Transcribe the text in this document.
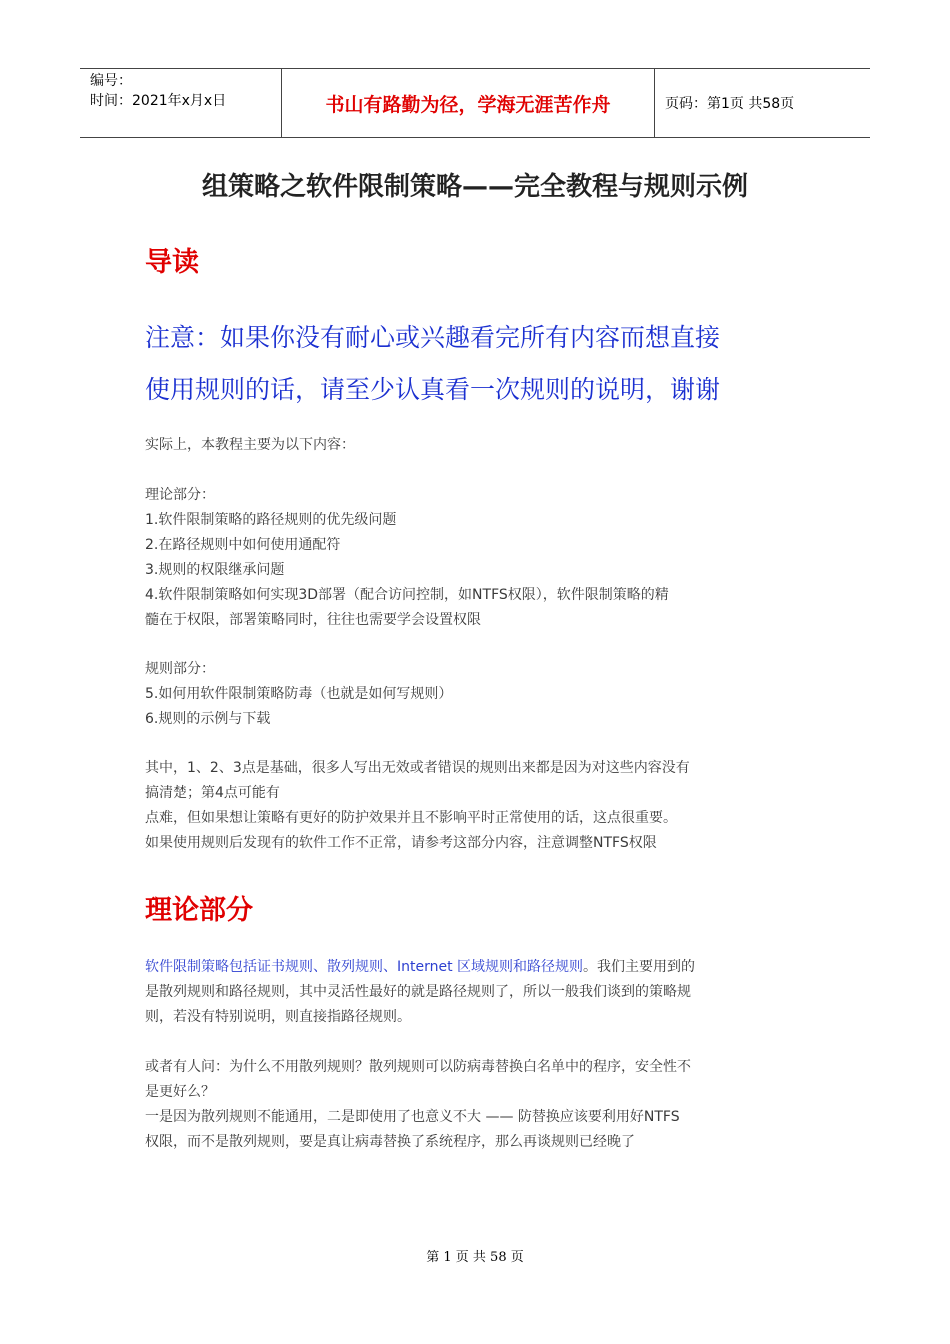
编号：
时间：2021年x月x日	书山有路勤为径，学海无涯苦作舟	页码：第1页 共58页
组策略之软件限制策略——完全教程与规则示例
导读
注意：如果你没有耐心或兴趣看完所有内容而想直接
使用规则的话，请至少认真看一次规则的说明，谢谢
实际上，本教程主要为以下内容：
理论部分：
1.软件限制策略的路径规则的优先级问题
2.在路径规则中如何使用通配符
3.规则的权限继承问题
4.软件限制策略如何实现3D部署（配合访问控制，如NTFS权限），软件限制策略的精
髓在于权限，部署策略同时，往往也需要学会设置权限
规则部分：
5.如何用软件限制策略防毒（也就是如何写规则）
6.规则的示例与下载
其中，1、2、3点是基础，很多人写出无效或者错误的规则出来都是因为对这些内容没有
搞清楚；第4点可能有
点难，但如果想让策略有更好的防护效果并且不影响平时正常使用的话，这点很重要。
如果使用规则后发现有的软件工作不正常，请参考这部分内容，注意调整NTFS权限
理论部分
软件限制策略包括证书规则、散列规则、Internet 区域规则和路径规则。我们主要用到的
是散列规则和路径规则，其中灵活性最好的就是路径规则了，所以一般我们谈到的策略规
则，若没有特别说明，则直接指路径规则。
或者有人问：为什么不用散列规则？散列规则可以防病毒替换白名单中的程序，安全性不
是更好么？
一是因为散列规则不能通用，二是即使用了也意义不大 —— 防替换应该要利用好NTFS
权限，而不是散列规则，要是真让病毒替换了系统程序，那么再谈规则已经晚了
第 1 页 共 58 页
